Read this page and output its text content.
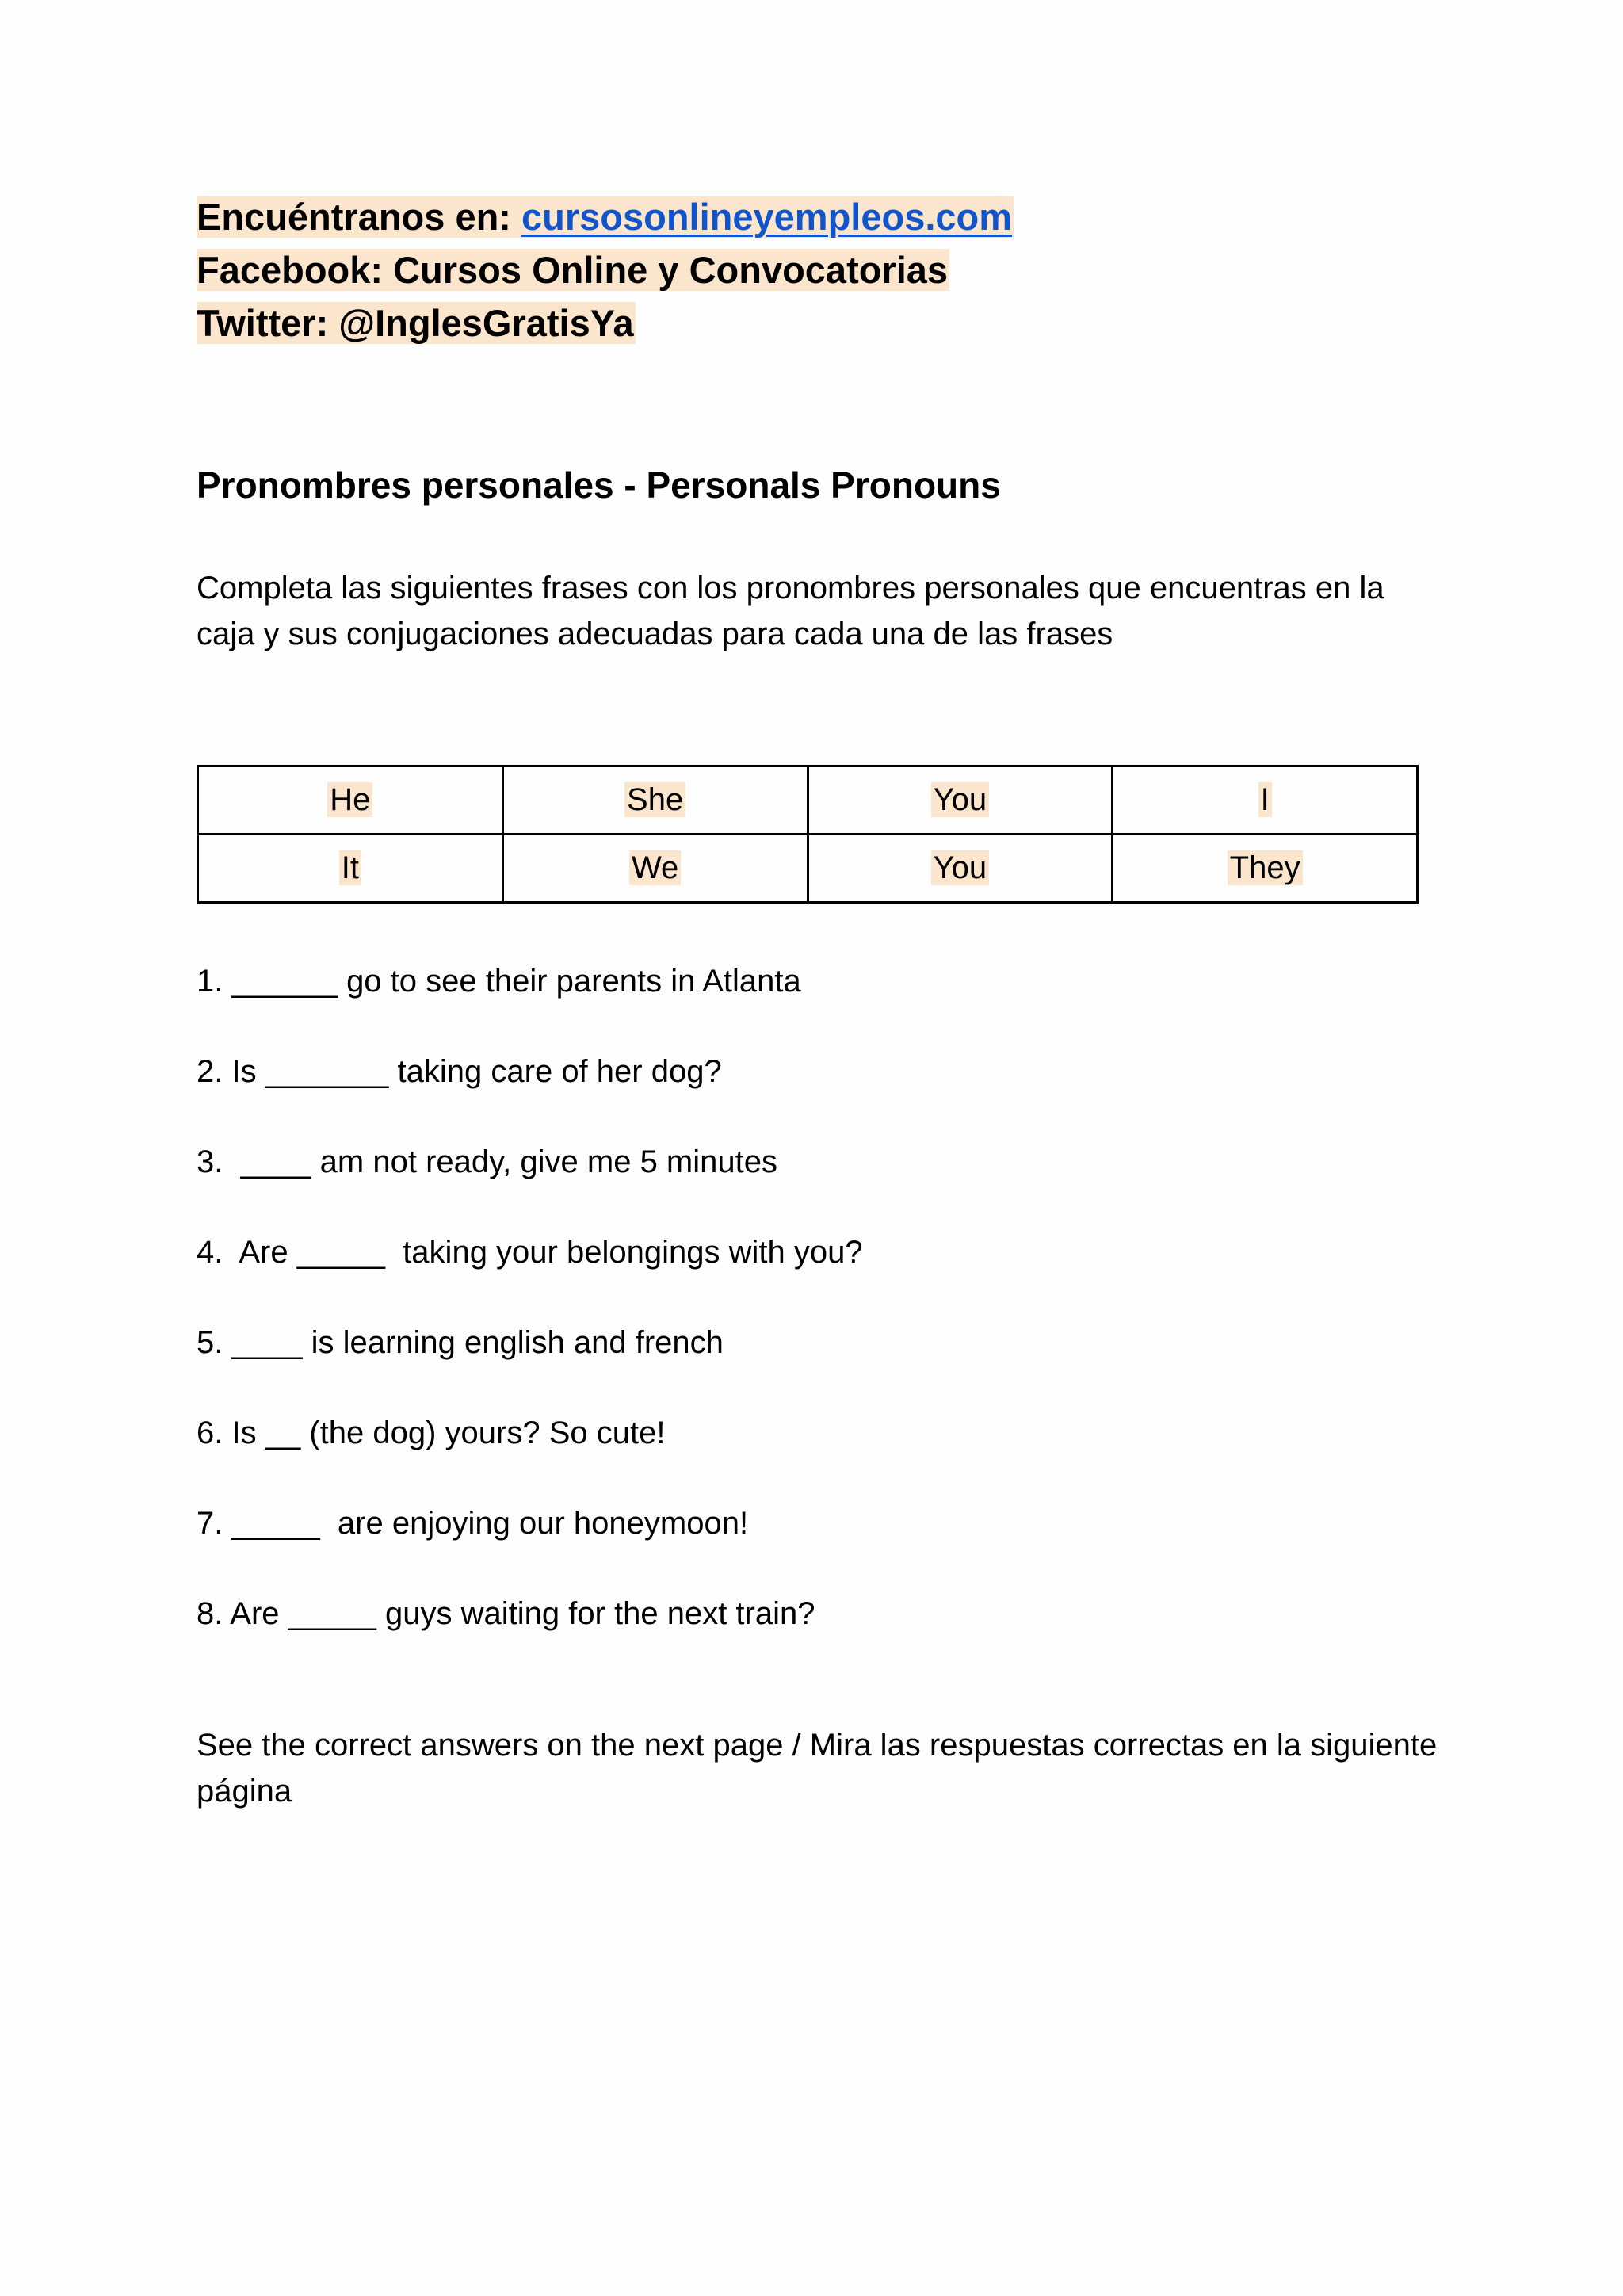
Encuéntranos en: cursosonlineyempleos.com
Facebook: Cursos Online y Convocatorias
Twitter: @InglesGratisYa
Pronombres personales - Personals Pronouns

Completa las siguientes frases con los pronombres personales que encuentras en la caja y sus conjugaciones adecuadas para cada una de las frases

He	She	You	I
It	We	You	They
1. ______ go to see their parents in Atlanta
2. Is _______ taking care of her dog?
3.  ____ am not ready, give me 5 minutes
4.  Are _____  taking your belongings with you?
5. ____ is learning english and french
6. Is __ (the dog) yours? So cute!
7. _____  are enjoying our honeymoon!
8. Are _____ guys waiting for the next train?

See the correct answers on the next page / Mira las respuestas correctas en la siguiente página
